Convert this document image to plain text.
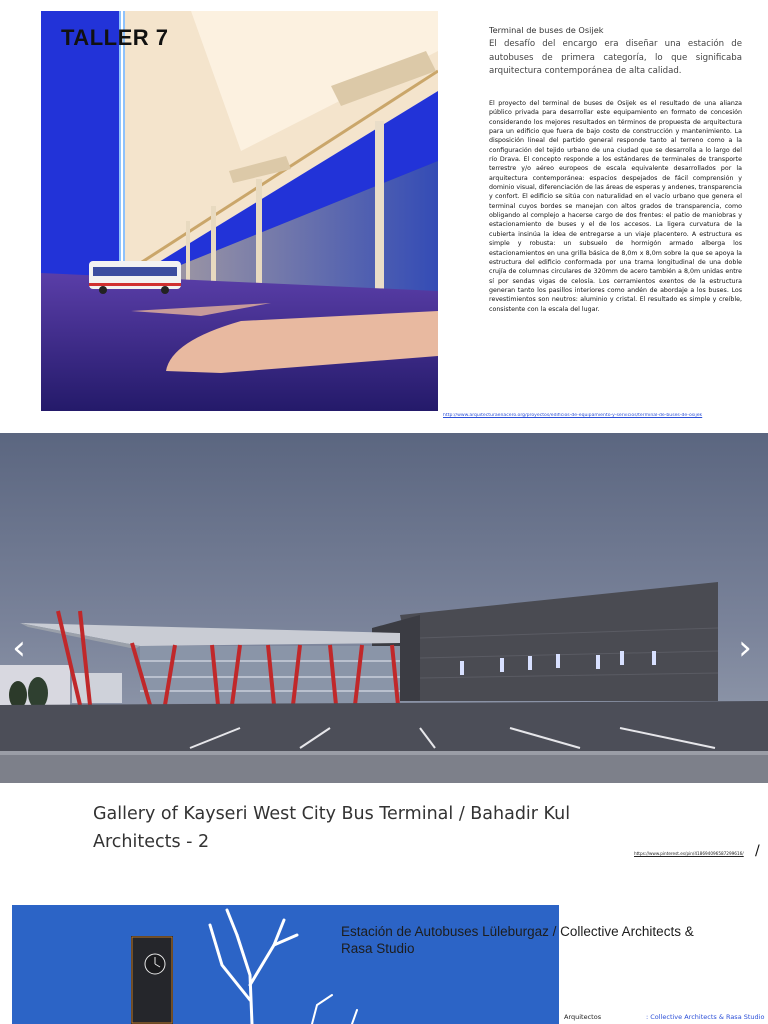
TALLER 7	Terminal de buses de Osijek

El desafío del encargo era diseñar una estación de autobuses de primera categoría, lo que significaba arquitectura contemporánea de alta calidad.

El proyecto del terminal de buses de Osijek es el resultado de una alianza público privada para desarrollar este equipamiento en formato de concesión considerando los mejores resultados en términos de propuesta de arquitectura para un edificio que fuera de bajo costo de construcción y mantenimiento. La disposición lineal del partido general responde tanto al terreno como a la configuración del tejido urbano de una ciudad que se desarrolla a lo largo del río Drava. El concepto responde a los estándares de terminales de transporte terrestre y/o aéreo europeos de escala equivalente desarrollados por la arquitectura contemporánea: espacios despejados de fácil comprensión y dominio visual, diferenciación de las áreas de esperas y andenes, transparencia y confort. El edificio se sitúa con naturalidad en el vacío urbano que genera el terminal cuyos bordes se manejan con altos grados de transparencia, como obligando al complejo a hacerse cargo de dos frentes: el patio de maniobras y estacionamiento de buses y el de los accesos. La ligera curvatura de la cubierta insinúa la idea de entregarse a un viaje placentero. A estructura es simple y robusta: un subsuelo de hormigón armado alberga los estacionamientos en una grilla básica de 8,0m x 8,0m sobre la que se apoya la estructura del edificio conformada por una trama longitudinal de una doble crujía de columnas circulares de 320mm de acero también a 8,0m unidas entre sí por sendas vigas de celosía. Los cerramientos exentos de la estructura generan tanto los pasillos interiores como andén de abordaje a los buses. Los revestimientos son neutros: aluminio y cristal. El resultado es simple y creíble, consistente con la escala del lugar.

http://www.arquitecturaenacero.org/proyectos/edificios-de-equipamiento-y-servicios/terminal-de-buses-de-osijek
‹	›
Gallery of Kayseri West City Bus Terminal / Bahadir Kul Architects - 2
https://www.pinterest.es/pin/418694096587299616/ /

Estación de Autobuses Lüleburgaz / Collective Architects & Rasa Studio

Arquitectos	: Collective Architects & Rasa Studio
